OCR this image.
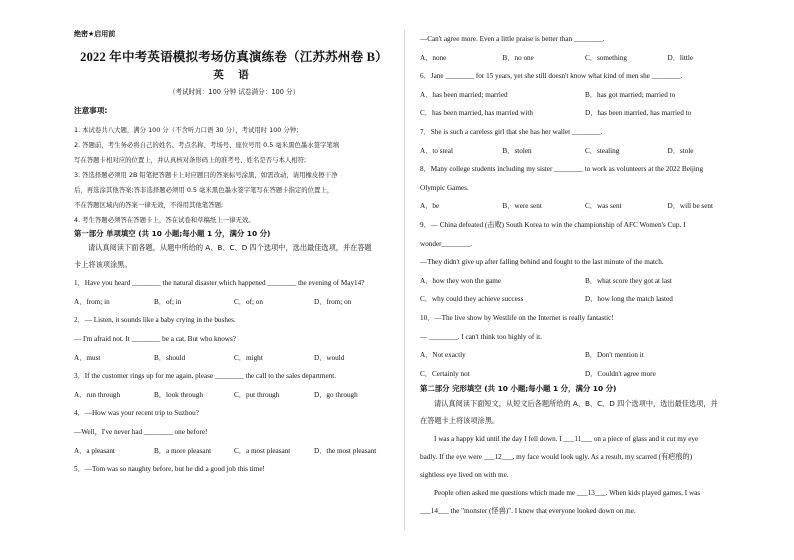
绝密★启用前
2022 年中考英语模拟考场仿真演练卷（江苏苏州卷 B）
英 语
（考试时间：100 分钟 试卷满分：100 分）
注意事项:
1. 本试卷共八大题，满分 100 分（不含听力口语 30 分），考试用时 100 分钟;
2. 答题前，考生务必将自己的姓名、考点名称、考场号、座位号用 0.5 毫米黑色墨水签字笔填
写在答题卡相对应的位置上，并认真核对条形码上的准考号、姓名是否与本人相符;
3. 答选择题必须用 2B 铅笔把答题卡上对应题目的答案标号涂黑，如需改动，请用橡皮擦干净
后，再选涂其他答案;答非选择题必须用 0.5 毫米黑色墨水签字笔写在答题卡指定的位置上，
不在答题区域内的答案一律无效，不得用其他笔答题;
4. 考生答题必须答在答题卡上，答在试卷和草稿纸上一律无效。
第一部分 单项填空 (共 10 小题;每小题 1 分，满分 10 分)
请认真阅读下面各题，从题中所给的 A、B、C、D 四个选项中，选出最佳选项，并在答题
卡上将该项涂黑。
1．Have you heard ________ the natural disaster which happened ________ the evening of May14?
A．from; in	B．of; in	C．of; on	D．from; on
2．— Listen, it sounds like a baby crying in the bushes.
— I'm afraid not. It ________ be a cat. But who knows?
A．must	B．should	C．might	D．would
3．If the customer rings up for me again, please ________ the call to the sales department.
A．run through	B．look through	C．put through	D．go through
4．—How was your recent trip to Suzhou?
—Well，I've never had ________ one before!
A．a pleasant	B．a more pleasant	C．a most pleasant	D．the most pleasant
5．—Tom was so naughty before, but he did a good job this time!
—Can't agree more. Even a little praise is better than ________.
A．none	B．no one	C．something	D．little
6．Jane ________ for 15 years, yet she still doesn't know what kind of men she ________.
A．has been married; married	B．has got married; married to
C．has been married, has married with	D．has been married, has married to
7．She is such a careless girl that she has her wallet ________.
A．to steal	B．stolen	C．stealing	D．stole
8．Many college students including my sister ________ to work as volunteers at the 2022 Beijing
Olympic Games.
A．be	B．were sent	C．was sent	D．will be sent
9．— China defeated (击败) South Korea to win the championship of AFC Women's Cup. I
wonder________.
—They didn't give up after falling behind and fought to the last minute of the match.
A．how they won the game	B．what score they got at last
C．why could they achieve success	D．how long the match lasted
10．—The live show by Westlife on the Internet is really fantastic!
— ________. I can't think too highly of it.
A．Not exactly	B．Don't mention it
C．Certainly not	D．Couldn't agree more
第二部分 完形填空 (共 10 小题;每小题 1 分，满分 10 分)
请认真阅读下面短文，从短文后各题所给的 A、B、C、D 四个选项中，选出最佳选项，并
在答题卡上将该项涂黑。
I was a happy kid until the day I fell down. I ___11___ on a piece of glass and it cut my eye
badly. If the eye were ___12___, my face would look ugly. As a result, my scarred (有疤痕的)
sightless eye lived on with me.
People often asked me questions which made me ___13___. When kids played games, I was
___14___ the "monster (怪兽)". I knew that everyone looked down on me.
